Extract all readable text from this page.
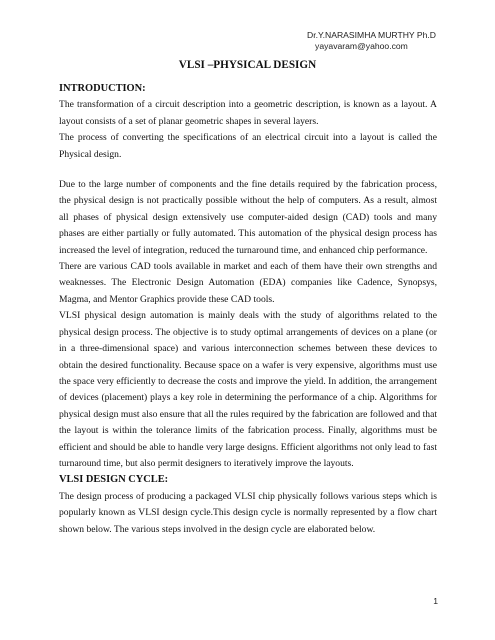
Dr.Y.NARASIMHA MURTHY Ph.D
yayavaram@yahoo.com
VLSI –PHYSICAL DESIGN
INTRODUCTION:

The transformation of a circuit description into a geometric description, is known as a layout. A layout consists of a set of planar geometric shapes in several layers.

The process of converting the specifications of an electrical circuit into a layout is called the Physical design.

Due to the large number of components and the fine details required by the fabrication process, the physical design is not practically possible without the help of computers. As a result, almost all phases of physical design extensively use computer-aided design (CAD) tools and many phases are either partially or fully automated. This automation of the physical design process has increased the level of integration, reduced the turnaround time, and enhanced chip performance.

There are various CAD tools available in market and each of them have their own strengths and weaknesses. The Electronic Design Automation (EDA) companies like Cadence, Synopsys, Magma, and Mentor Graphics provide these CAD tools.

VLSI physical design automation is mainly deals with the study of algorithms related to the physical design process. The objective is to study optimal arrangements of devices on a plane (or in a three-dimensional space) and various interconnection schemes between these devices to obtain the desired functionality. Because space on a wafer is very expensive, algorithms must use the space very efficiently to decrease the costs and improve the yield. In addition, the arrangement of devices (placement) plays a key role in determining the performance of a chip. Algorithms for physical design must also ensure that all the rules required by the fabrication are followed and that the layout is within the tolerance limits of the fabrication process. Finally, algorithms must be efficient and should be able to handle very large designs. Efficient algorithms not only lead to fast turnaround time, but also permit designers to iteratively improve the layouts.

VLSI DESIGN CYCLE:

The design process of producing a packaged VLSI chip physically follows various steps which is popularly known as VLSI design cycle.This design cycle is normally represented by a flow chart shown below. The various steps involved in the design cycle are elaborated below.

1
